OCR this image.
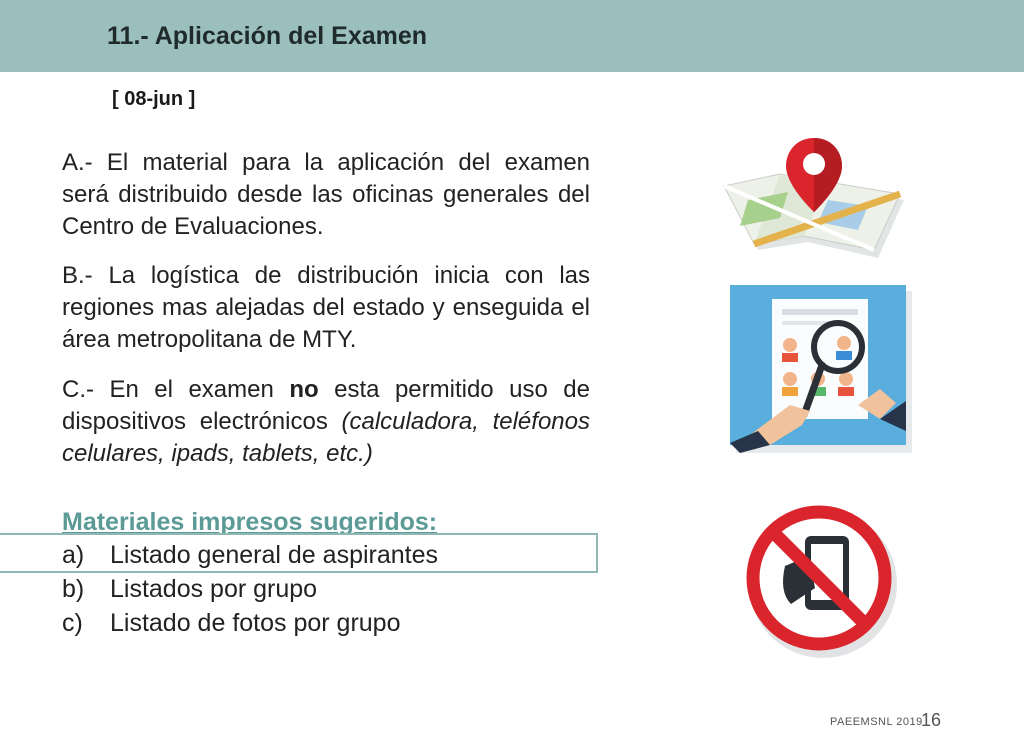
11.- Aplicación del Examen
[ 08-jun ]
A.- El material para la aplicación del examen será distribuido desde las oficinas generales del Centro de Evaluaciones.
B.- La logística de distribución inicia con las regiones mas alejadas del estado y enseguida el área metropolitana de MTY.
C.- En el examen no esta permitido uso de dispositivos electrónicos (calculadora, teléfonos celulares, ipads, tablets, etc.)
Materiales impresos sugeridos:
a)	Listado general de aspirantes
b)	Listados por grupo
c)	Listado de fotos por grupo
PAEEMSNL 2019
16
